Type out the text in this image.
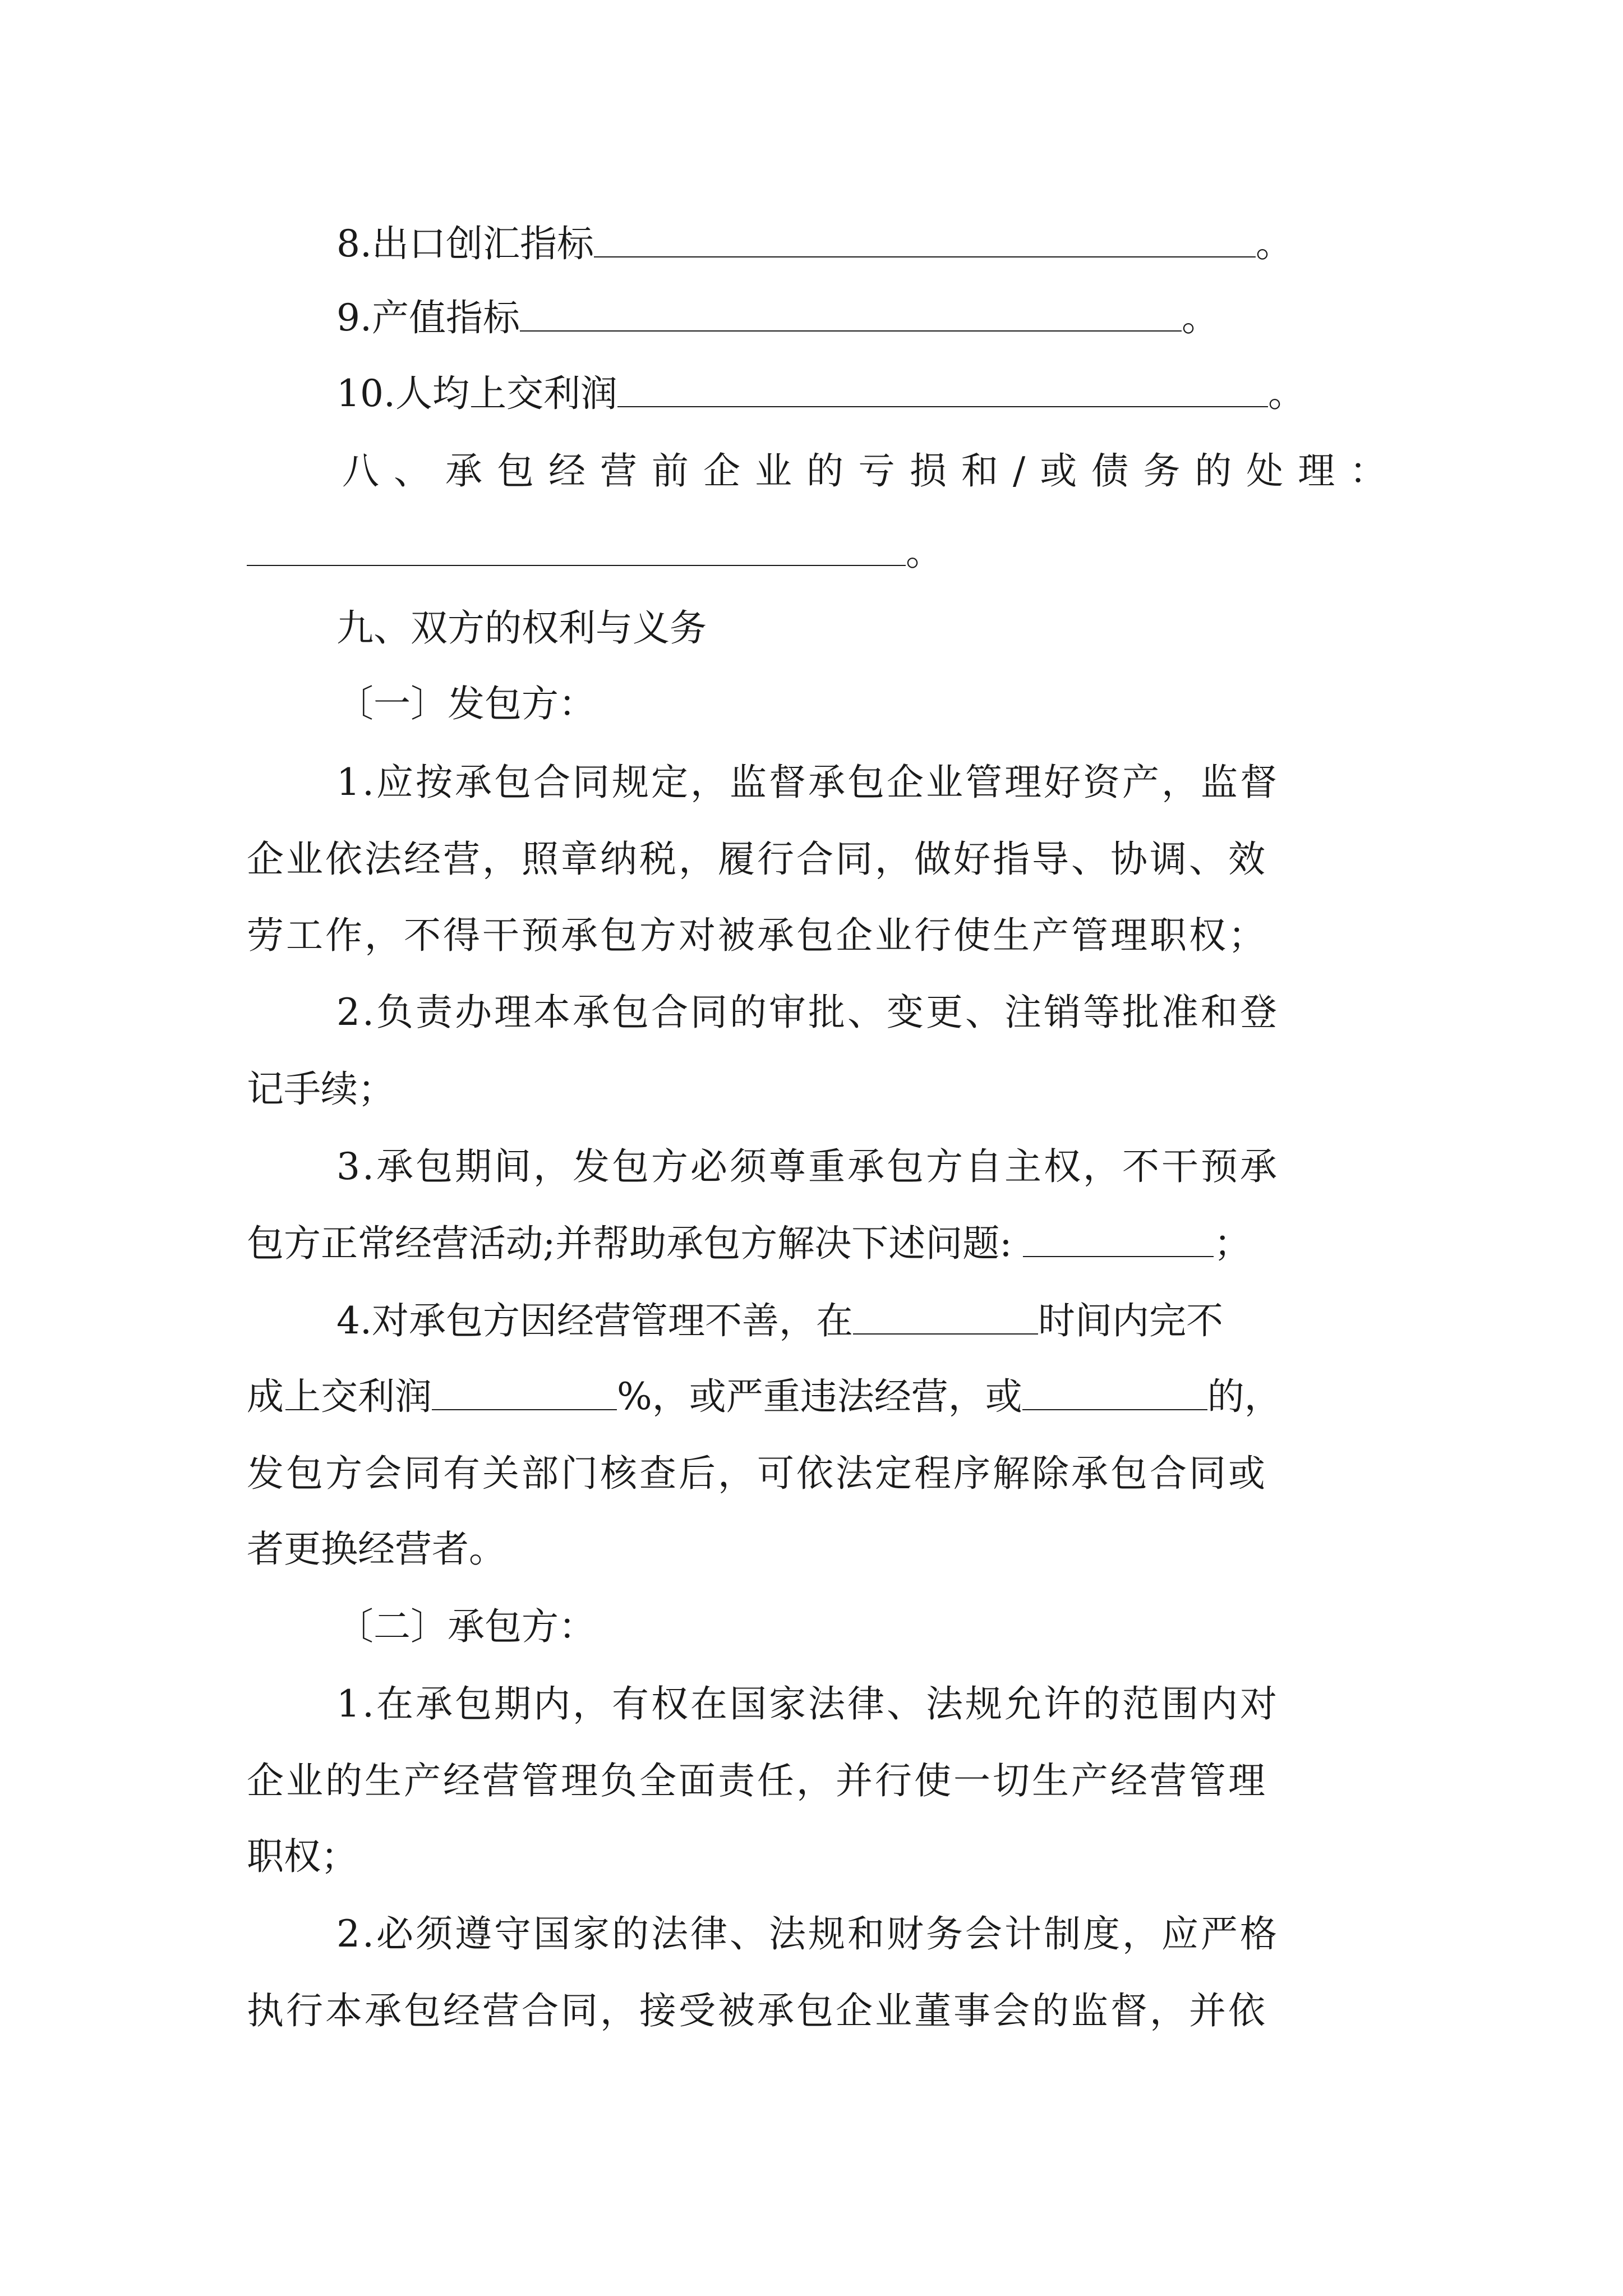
8.出口创汇指标	。
9.产值指标	。
10.人均上交利润	。
八、承包经营前企业的亏损和/或债务的处理：
。
九、双方的权利与义务
〔一〕发包方：
1.应按承包合同规定，监督承包企业管理好资产，监督
企业依法经营，照章纳税，履行合同，做好指导、协调、效
劳工作，不得干预承包方对被承包企业行使生产管理职权；
2.负责办理本承包合同的审批、变更、注销等批准和登
记手续；
3.承包期间，发包方必须尊重承包方自主权，不干预承
包方正常经营活动;并帮助承包方解决下述问题:	；
4.对承包方因经营管理不善，在	时间内完不
成上交利润	%，或严重违法经营，或	的，
发包方会同有关部门核查后，可依法定程序解除承包合同或
者更换经营者。
〔二〕承包方：
1.在承包期内，有权在国家法律、法规允许的范围内对
企业的生产经营管理负全面责任，并行使一切生产经营管理
职权；
2.必须遵守国家的法律、法规和财务会计制度，应严格
执行本承包经营合同，接受被承包企业董事会的监督，并依
